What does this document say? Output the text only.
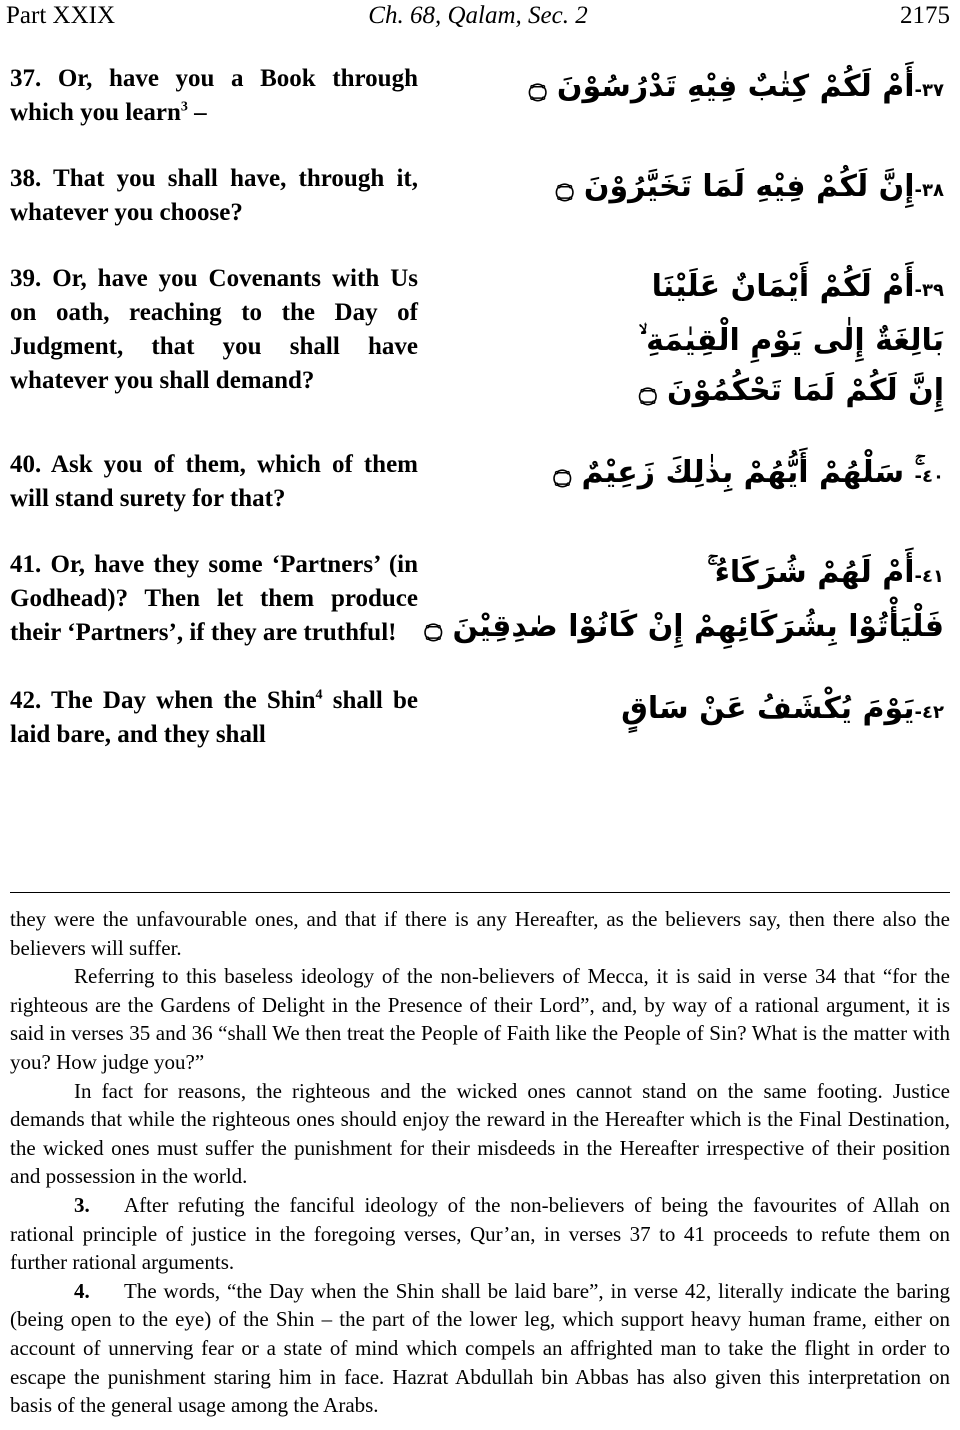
Part XXIX	Ch. 68, Qalam, Sec. 2	2175
37. Or, have you a Book through which you learn$^3$ –
٣٧-أَمْ لَكُمْ كِتٰبٌ فِيْهِ تَدْرُسُوْنَ ۝
38. That you shall have, through it, whatever you choose?
٣٨-إِنَّ لَكُمْ فِيْهِ لَمَا تَخَيَّرُوْنَ ۝
39. Or, have you Covenants with Us on oath, reaching to the Day of Judgment, that you shall have whatever you shall demand?
٣٩-أَمْ لَكُمْ أَيْمَانٌ عَلَيْنَا
بَالِغَةٌ إِلٰى يَوْمِ الْقِيٰمَةِ ۙ
إِنَّ لَكُمْ لَمَا تَحْكُمُوْنَ ۝
40. Ask you of them, which of them will stand surety for that?
٤٠-ۚ سَلْهُمْ أَيُّهُمْ بِذٰلِكَ زَعِيْمٌ ۝
41. Or, have they some ‘Partners’ (in Godhead)? Then let them produce their ‘Partners’, if they are truthful!
٤١-أَمْ لَهُمْ شُرَكَاءُ ۚ
فَلْيَأْتُوْا بِشُرَكَائِهِمْ إِنْ كَانُوْا صٰدِقِيْنَ ۝
42. The Day when the Shin$^4$ shall be laid bare, and they shall
٤٢-يَوْمَ يُكْشَفُ عَنْ سَاقٍ

they were the unfavourable ones, and that if there is any Hereafter, as the believers say, then there also the believers will suffer.

Referring to this baseless ideology of the non-believers of Mecca, it is said in verse 34 that “for the righteous are the Gardens of Delight in the Presence of their Lord”, and, by way of a rational argument, it is said in verses 35 and 36 “shall We then treat the People of Faith like the People of Sin? What is the matter with you? How judge you?”

In fact for reasons, the righteous and the wicked ones cannot stand on the same footing. Justice demands that while the righteous ones should enjoy the reward in the Hereafter which is the Final Destination, the wicked ones must suffer the punishment for their misdeeds in the Hereafter irrespective of their position and possession in the world.

3. After refuting the fanciful ideology of the non-believers of being the favourites of Allah on rational principle of justice in the foregoing verses, Qur’an, in verses 37 to 41 proceeds to refute them on further rational arguments.

4. The words, “the Day when the Shin shall be laid bare”, in verse 42, literally indicate the baring (being open to the eye) of the Shin – the part of the lower leg, which support heavy human frame, either on account of unnerving fear or a state of mind which compels an affrighted man to take the flight in order to escape the punishment staring him in face. Hazrat Abdullah bin Abbas has also given this interpretation on basis of the general usage among the Arabs.
